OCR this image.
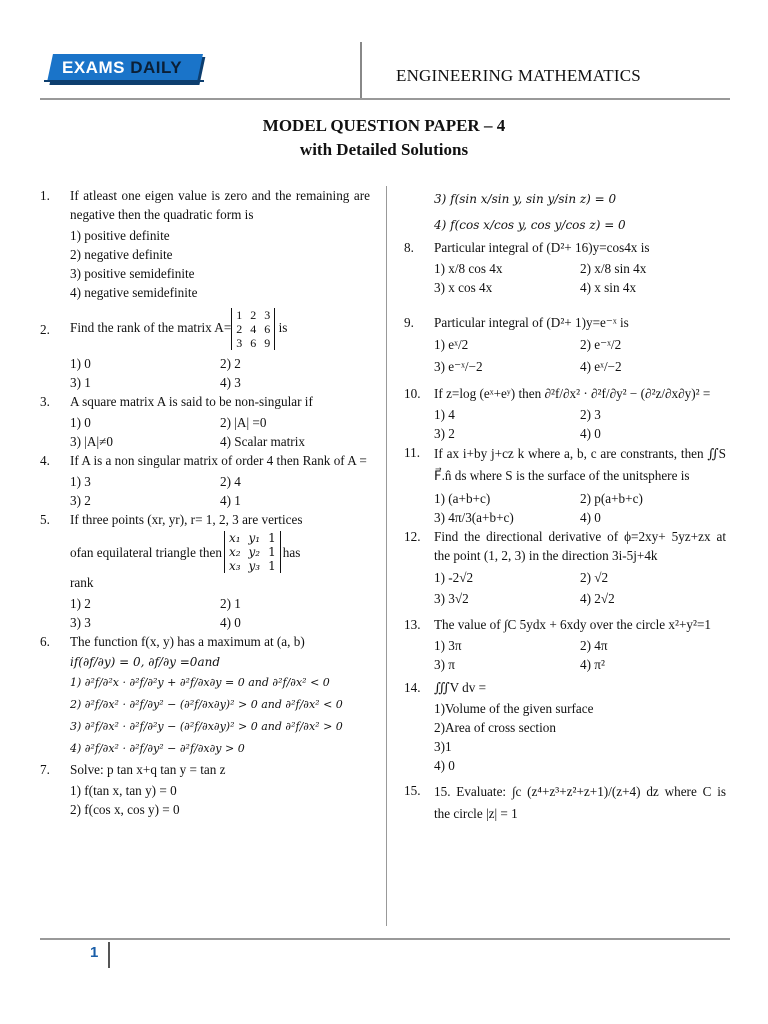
EXAMS DAILY	ENGINEERING MATHEMATICS
MODEL QUESTION PAPER – 4
with Detailed Solutions
1.	If atleast one eigen value is zero and the remaining are negative then the quadratic form is
1) positive definite
2) negative definite
3) positive semidefinite
4) negative semidefinite
2.	Find the rank of the matrix A=1	2	3
2	4	6
3	6	9 is
1) 0	2) 2
3) 1	4) 3
3.	A square matrix A is said to be non-singular if
1) 0	2) |A| =0
3) |A|≠0	4) Scalar matrix
4.	If A is a non singular matrix of order 4 then Rank of A =
1) 3	2) 4
3) 2	4) 1
5.	If three points (xr, yr), r= 1, 2, 3 are vertices
ofan equilateral triangle then
x₁	y₁	1
x₂	y₂	1
x₃	y₃	1
has
rank
1) 2	2) 1
3) 3	4) 0
6.	The function f(x, y) has a maximum at (a, b)
if(∂f/∂y) = 0, ∂f/∂y =0and
1) ∂²f/∂²x · ∂²f/∂²y + ∂²f/∂x∂y = 0 and ∂²f/∂x² < 0
2) ∂²f/∂x² · ∂²f/∂y² − (∂²f/∂x∂y)² > 0 and ∂²f/∂x² < 0
3) ∂²f/∂x² · ∂²f/∂²y − (∂²f/∂x∂y)² > 0 and ∂²f/∂x² > 0
4) ∂²f/∂x² · ∂²f/∂y² − ∂²f/∂x∂y > 0
7.	Solve: p tan x+q tan y = tan z
1) f(tan x, tan y) = 0
2) f(cos x, cos y) = 0
3) f(sin x/sin y, sin y/sin z) = 0
4) f(cos x/cos y, cos y/cos z) = 0
8.	Particular integral of (D²+ 16)y=cos4x is
1) x/8 cos 4x	2) x/8 sin 4x
3) x cos 4x	4) x sin 4x
9.	Particular integral of (D²+ 1)y=e⁻ˣ is
1) eˣ/2	2) e⁻ˣ/2
3) e⁻ˣ/−2	4) eˣ/−2
10.	If z=log (eˣ+eʸ) then ∂²f/∂x² · ∂²f/∂y² − (∂²z/∂x∂y)² =
1) 4	2) 3
3) 2	4) 0
11.	If ax i+by j+cz k where a, b, c are constrants, then ∬S F⃗.n̂ ds where S is the surface of the unitsphere is
1) (a+b+c)	2) p(a+b+c)
3) 4π/3(a+b+c)	4) 0
12.	Find the directional derivative of ϕ=2xy+ 5yz+zx at the point (1, 2, 3) in the direction 3i-5j+4k
1) -2√2	2) √2
3) 3√2	4) 2√2
13.	The value of ∫C 5ydx + 6xdy over the circle x²+y²=1
1) 3π	2) 4π
3) π	4) π²
14.	∭V dv =
1)Volume of the given surface
2)Area of cross section
3)1
4) 0
15.	15. Evaluate: ∫c (z⁴+z³+z²+z+1)/(z+4) dz where C is the circle |z| = 1
1
